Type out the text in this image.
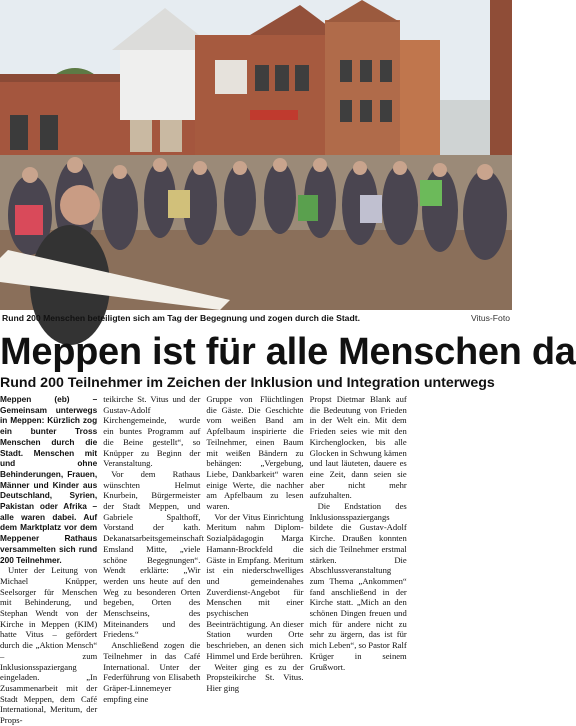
Rund 200 Menschen beteiligten sich am Tag der Begegnung und zogen durch die Stadt.	Vitus-Foto
Meppen ist für alle Menschen da
Rund 200 Teilnehmer im Zeichen der Inklusion und Integration unterwegs

Meppen (eb) – Gemeinsam unterwegs in Meppen: Kürzlich zog ein bunter Tross Menschen durch die Stadt. Menschen mit und ohne Behinderungen, Frauen, Männer und Kinder aus Deutschland, Syrien, Pakistan oder Afrika – alle waren dabei. Auf dem Marktplatz vor dem Meppener Rathaus versammelten sich rund 200 Teilnehmer.

Unter der Leitung von Michael Knüpper, Seelsorger für Menschen mit Behinderung, und Stephan Wendt von der Kirche in Meppen (KIM) hatte Vitus – gefördert durch die „Aktion Mensch“ – zum Inklusionsspaziergang eingeladen. „In Zusammenarbeit mit der Stadt Meppen, dem Café International, Meritum, der Props-

teikirche St. Vitus und der Gustav-Adolf Kirchengemeinde, wurde ein buntes Programm auf die Beine gestellt“, so Knüpper zu Beginn der Veranstaltung.

Vor dem Rathaus wünschten Helmut Knurbein, Bürgermeister der Stadt Meppen, und Gabriele Spalthoff, Vorstand der kath. Dekanatsarbeitsgemeinschaft Emsland Mitte, „viele schöne Begegnungen“. Wendt erklärte: „Wir werden uns heute auf den Weg zu besonderen Orten begeben, Orten des Menschseins, des Miteinanders und des Friedens.“

Anschließend zogen die Teilnehmer in das Café International. Unter der Federführung von Elisabeth Gräper-Linnemeyer empfing eine

Gruppe von Flüchtlingen die Gäste. Die Geschichte vom weißen Band am Apfelbaum inspirierte die Teilnehmer, einen Baum mit weißen Bändern zu behängen: „Vergebung, Liebe, Dankbarkeit“ waren einige Werte, die nachher am Apfelbaum zu lesen waren.

Vor der Vitus Einrichtung Meritum nahm Diplom-Sozialpädagogin Marga Hamann-Brockfeld die Gäste in Empfang. Meritum ist ein niederschwelliges und gemeindenahes Zuverdienst-Angebot für Menschen mit einer psychischen Beeinträchtigung. An dieser Station wurden Orte beschrieben, an denen sich Himmel und Erde berühren.

Weiter ging es zu der Propsteikirche St. Vitus. Hier ging

Propst Dietmar Blank auf die Bedeutung von Frieden in der Welt ein. Mit dem Frieden seies wie mit den Kirchenglocken, bis alle Glocken in Schwung kämen und laut läuteten, dauere es eine Zeit, dann seien sie aber nicht mehr aufzuhalten.

Die Endstation des Inklusionsspaziergangs bildete die Gustav-Adolf Kirche. Draußen konnten sich die Teilnehmer erstmal stärken. Die Abschlussveranstaltung zum Thema „Ankommen“ fand anschließend in der Kirche statt. „Mich an den schönen Dingen freuen und mich für andere nicht zu sehr zu ärgern, das ist für mich Leben“, so Pastor Ralf Krüger in seinem Grußwort.
